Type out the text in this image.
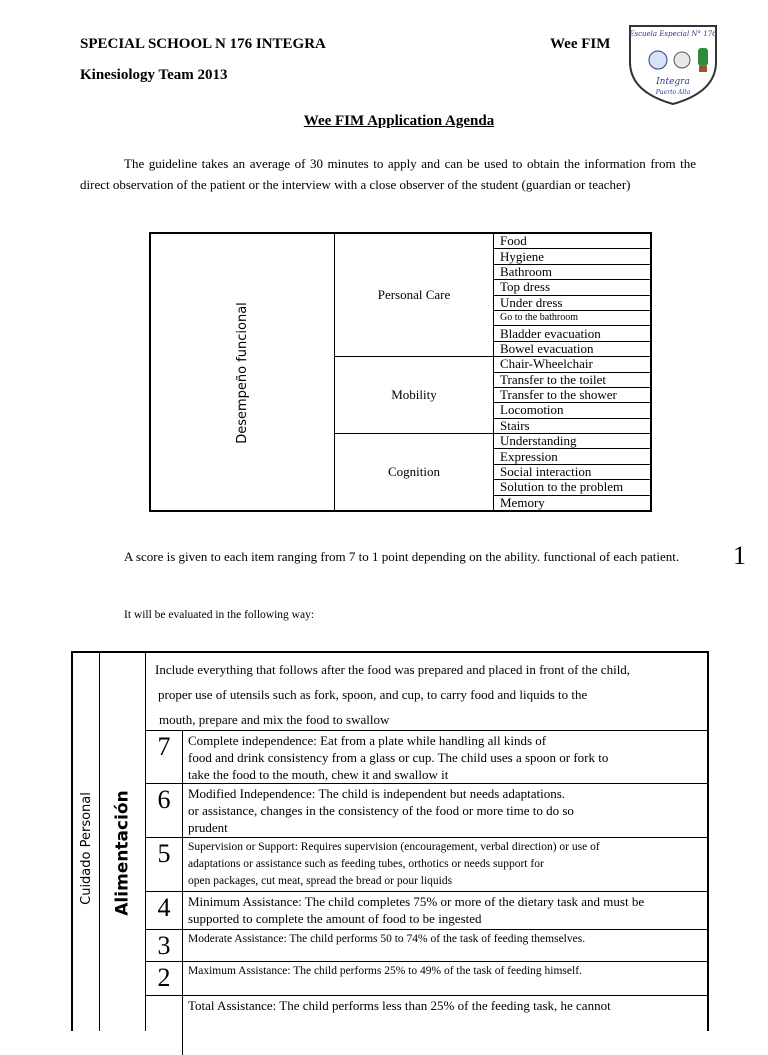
SPECIAL SCHOOL N 176 INTEGRA
Kinesiology Team 2013
Wee FIM
Escuela Especial N° 176
Integra
Puerto Alta
Wee FIM Application Agenda
The guideline takes an average of 30 minutes to apply and can be used to obtain the information from the direct observation of the patient or the interview with a close observer of the student (guardian or teacher)
Desempeño funcional	Personal Care	Food
		Hygiene
		Bathroom
		Top dress
		Under dress
		Go to the bathroom
		Bladder evacuation
		Bowel evacuation
	Mobility	Chair-Wheelchair
		Transfer to the toilet
		Transfer to the shower
		Locomotion
		Stairs
	Cognition	Understanding
		Expression
		Social interaction
		Solution to the problem
		Memory
A score is given to each item ranging from 7 to 1 point depending on the ability. functional of each patient.	1
It will be evaluated in the following way:
Cuidado Personal Alimentación
Include everything that follows after the food was prepared and placed in front of the child,
proper use of utensils such as fork, spoon, and cup, to carry food and liquids to the
mouth, prepare and mix the food to swallow
7	Complete independence: Eat from a plate while handling all kinds of
food and drink consistency from a glass or cup. The child uses a spoon or fork to
take the food to the mouth, chew it and swallow it
6	Modified Independence: The child is independent but needs adaptations.
or assistance, changes in the consistency of the food or more time to do so
prudent
5	Supervision or Support: Requires supervision (encouragement, verbal direction) or use of
adaptations or assistance such as feeding tubes, orthotics or needs support for
open packages, cut meat, spread the bread or pour liquids
4	Minimum Assistance: The child completes 75% or more of the dietary task and must be
supported to complete the amount of food to be ingested
3	Moderate Assistance: The child performs 50 to 74% of the task of feeding themselves.
2	Maximum Assistance: The child performs 25% to 49% of the task of feeding himself.
Total Assistance: The child performs less than 25% of the feeding task, he cannot
